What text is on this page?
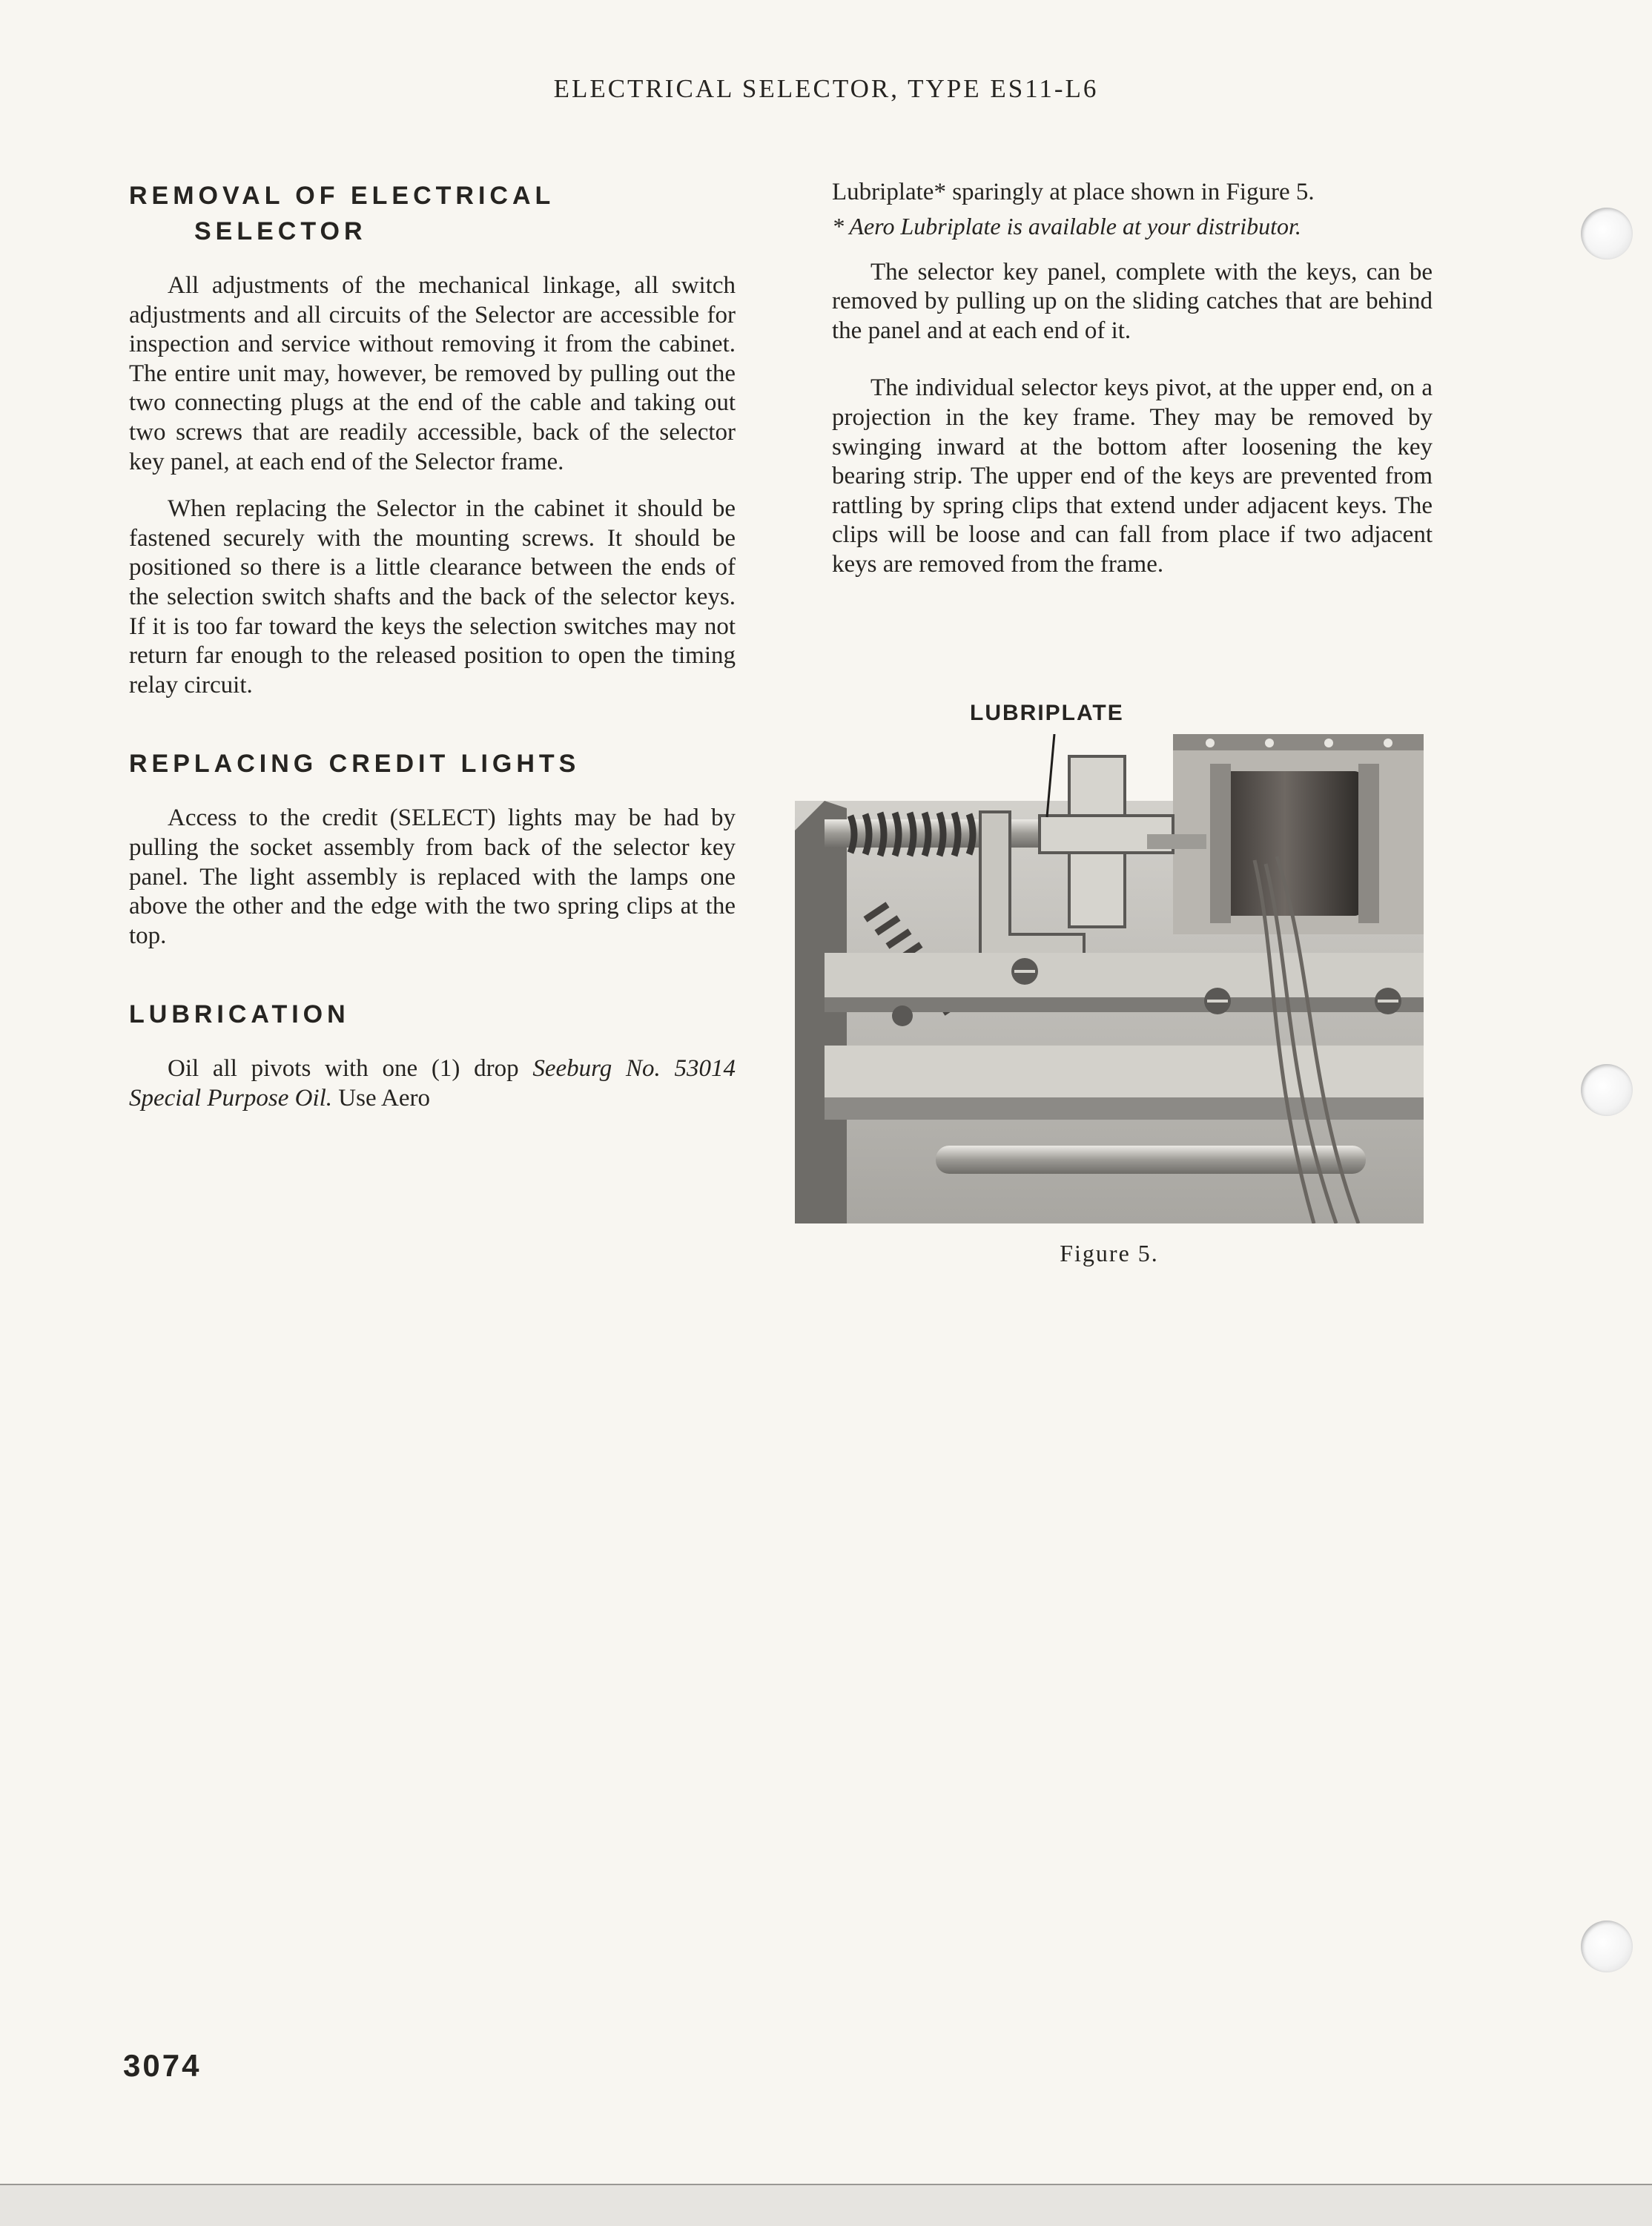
ELECTRICAL SELECTOR, TYPE ES11-L6
REMOVAL OF ELECTRICAL
SELECTOR

All adjustments of the mechanical linkage, all switch adjustments and all circuits of the Selector are accessible for inspection and service without removing it from the cabinet. The entire unit may, however, be removed by pulling out the two connecting plugs at the end of the cable and taking out two screws that are readily accessible, back of the selector key panel, at each end of the Selector frame.

When replacing the Selector in the cabinet it should be fastened securely with the mounting screws. It should be positioned so there is a little clearance between the ends of the selection switch shafts and the back of the selector keys. If it is too far toward the keys the selection switches may not return far enough to the released position to open the timing relay circuit.

REPLACING CREDIT LIGHTS

Access to the credit (SELECT) lights may be had by pulling the socket assembly from back of the selector key panel. The light assembly is replaced with the lamps one above the other and the edge with the two spring clips at the top.

LUBRICATION

Oil all pivots with one (1) drop Seeburg No. 53014 Special Purpose Oil. Use Aero

Lubriplate* sparingly at place shown in Figure 5.

* Aero Lubriplate is available at your distributor.

The selector key panel, complete with the keys, can be removed by pulling up on the sliding catches that are behind the panel and at each end of it.

The individual selector keys pivot, at the upper end, on a projection in the key frame. They may be removed by swinging inward at the bottom after loosening the key bearing strip. The upper end of the keys are prevented from rattling by spring clips that extend under adjacent keys. The clips will be loose and can fall from place if two adjacent keys are removed from the frame.

LUBRIPLATE
Figure 5.
3074
